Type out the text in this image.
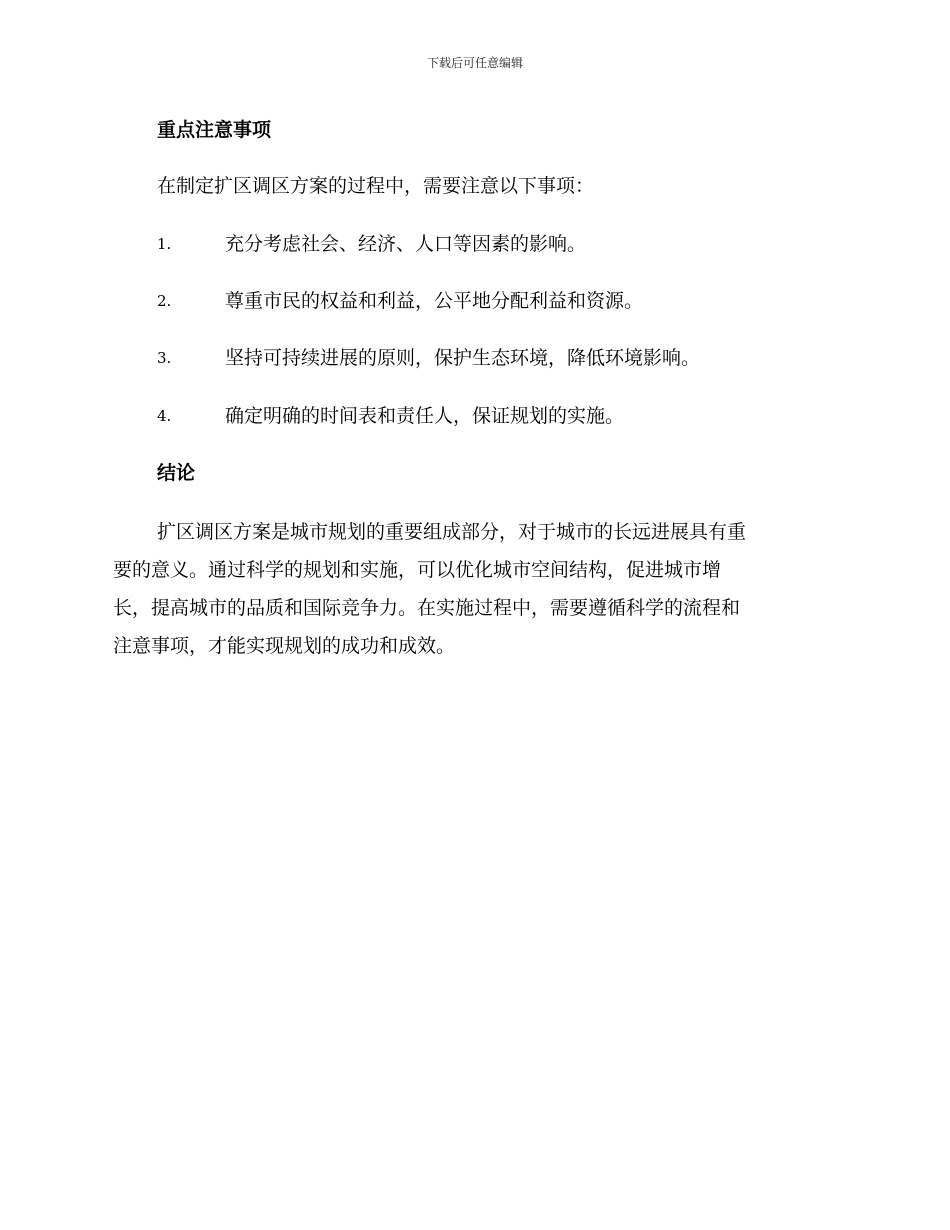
下载后可任意编辑
重点注意事项
在制定扩区调区方案的过程中，需要注意以下事项：
1.	充分考虑社会、经济、人口等因素的影响。
2.	尊重市民的权益和利益，公平地分配利益和资源。
3.	坚持可持续进展的原则，保护生态环境，降低环境影响。
4.	确定明确的时间表和责任人，保证规划的实施。
结论
扩区调区方案是城市规划的重要组成部分，对于城市的长远进展具有重
要的意义。通过科学的规划和实施，可以优化城市空间结构，促进城市增
长，提高城市的品质和国际竞争力。在实施过程中，需要遵循科学的流程和
注意事项，才能实现规划的成功和成效。
